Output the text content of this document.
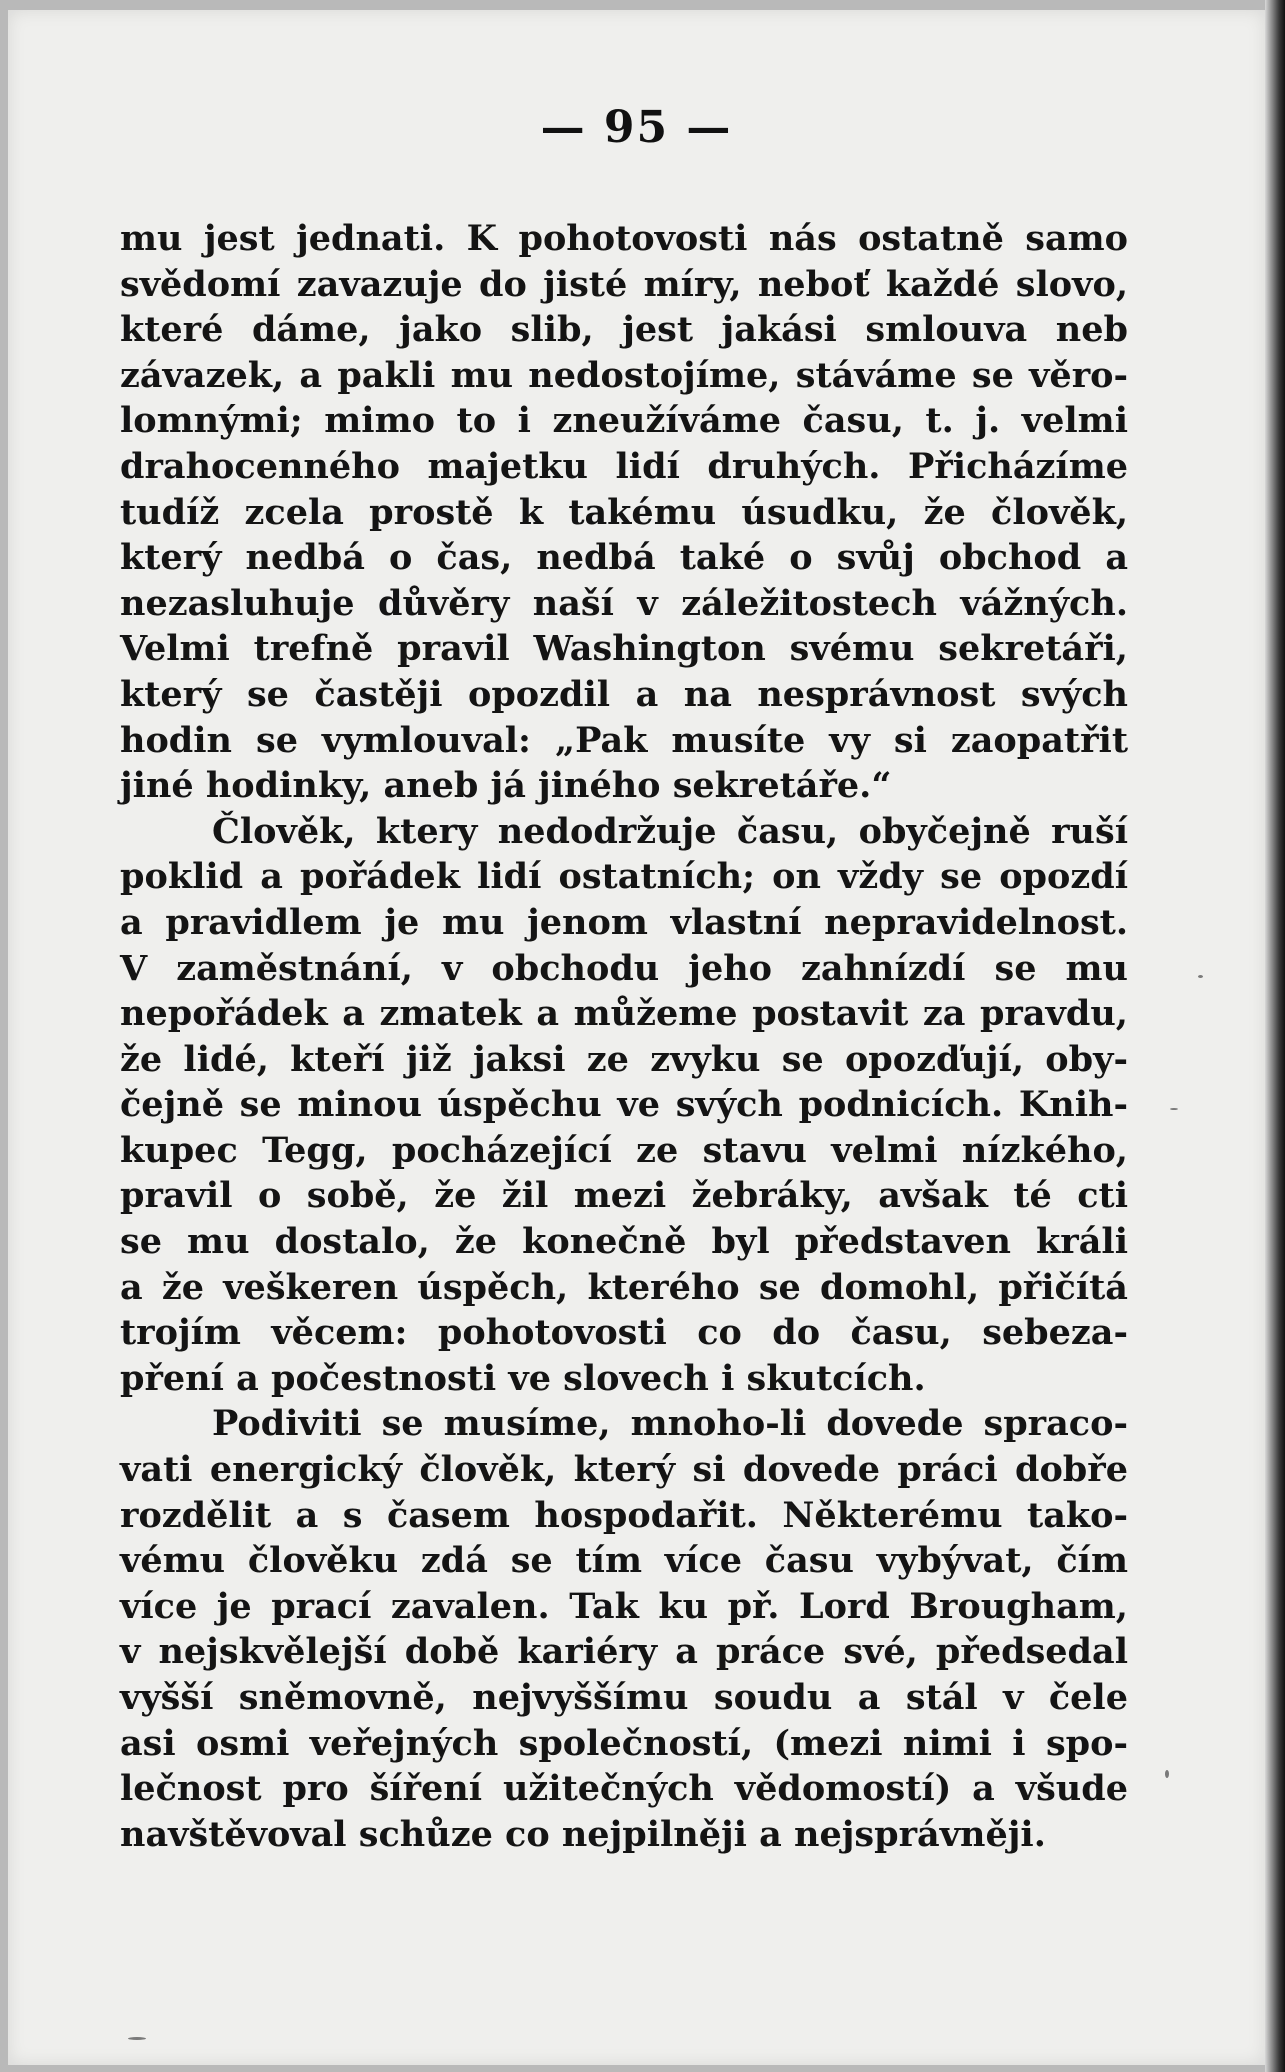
— 95 —
mu jest jednati. K pohotovosti nás ostatně samo
svědomí zavazuje do jisté míry, neboť každé slovo,
které dáme, jako slib, jest jakási smlouva neb
závazek, a pakli mu nedostojíme, stáváme se věro-
lomnými; mimo to i zneužíváme času, t. j. velmi
drahocenného majetku lidí druhých. Přicházíme
tudíž zcela prostě k takému úsudku, že člověk,
který nedbá o čas, nedbá také o svůj obchod a
nezasluhuje důvěry naší v záležitostech vážných.
Velmi trefně pravil Washington svému sekretáři,
který se častěji opozdil a na nesprávnost svých
hodin se vymlouval: „Pak musíte vy si zaopatřit
jiné hodinky, aneb já jiného sekretáře.“
Člověk, ktery nedodržuje času, obyčejně ruší
poklid a pořádek lidí ostatních; on vždy se opozdí
a pravidlem je mu jenom vlastní nepravidelnost.
V zaměstnání, v obchodu jeho zahnízdí se mu
nepořádek a zmatek a můžeme postavit za pravdu,
že lidé, kteří již jaksi ze zvyku se opozďují, oby-
čejně se minou úspěchu ve svých podnicích. Knih-
kupec Tegg, pocházející ze stavu velmi nízkého,
pravil o sobě, že žil mezi žebráky, avšak té cti
se mu dostalo, že konečně byl představen králi
a že veškeren úspěch, kterého se domohl, přičítá
trojím věcem: pohotovosti co do času, sebeza-
pření a počestnosti ve slovech i skutcích.
Podiviti se musíme, mnoho-li dovede spraco-
vati energický člověk, který si dovede práci dobře
rozdělit a s časem hospodařit. Některému tako-
vému člověku zdá se tím více času vybývat, čím
více je prací zavalen. Tak ku př. Lord Brougham,
v nejskvělejší době kariéry a práce své, předsedal
vyšší sněmovně, nejvyššímu soudu a stál v čele
asi osmi veřejných společností, (mezi nimi i spo-
lečnost pro šíření užitečných vědomostí) a všude
navštěvoval schůze co nejpilněji a nejsprávněji.
